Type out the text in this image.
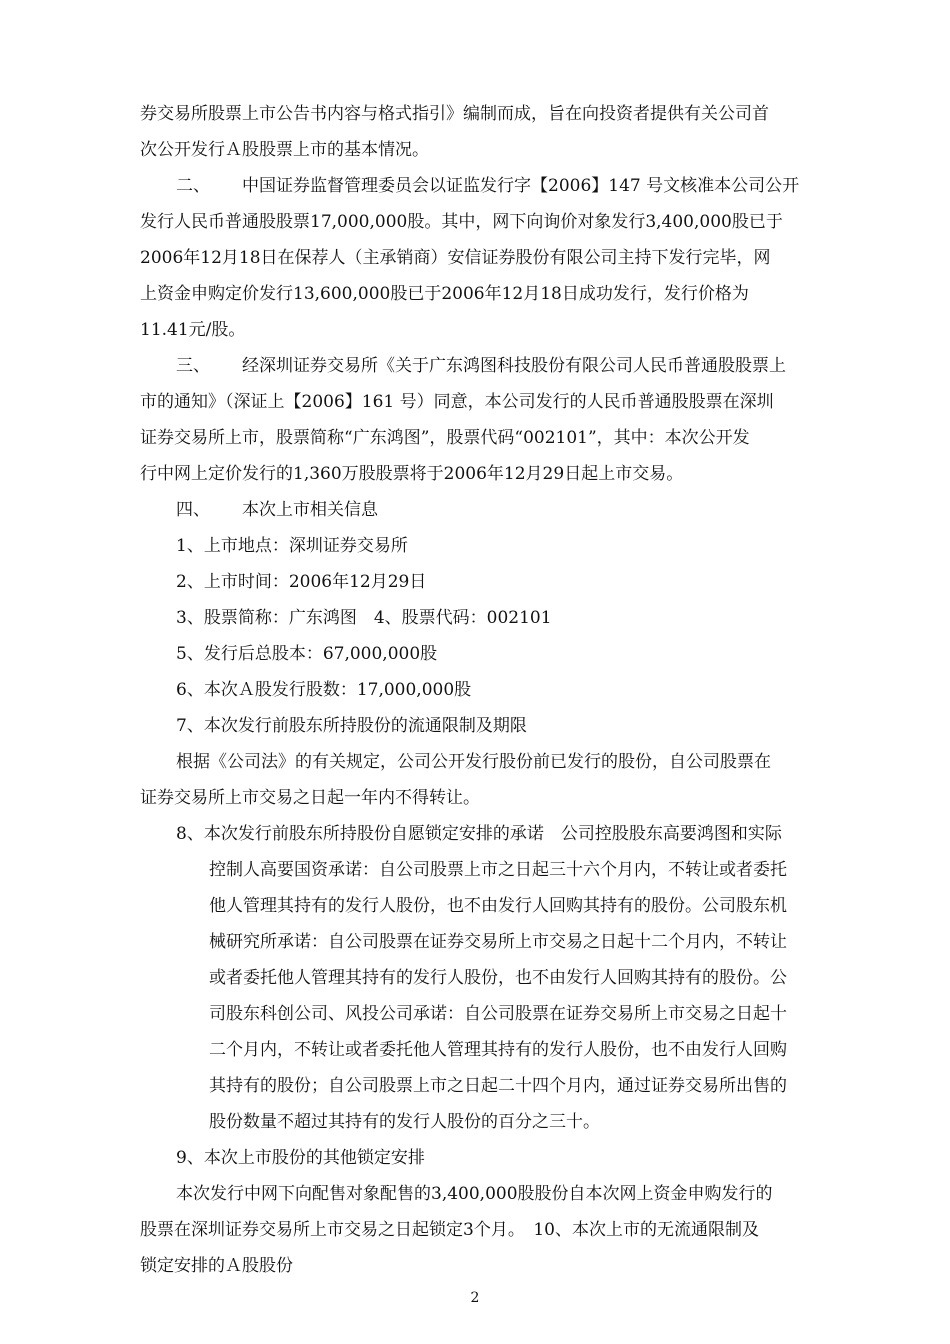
券交易所股票上市公告书内容与格式指引》编制而成，旨在向投资者提供有关公司首
次公开发行Ａ股股票上市的基本情况。
二、 中国证券监督管理委员会以证监发行字【2006】147 号文核准本公司公开
发行人民币普通股股票17,000,000股。其中，网下向询价对象发行3,400,000股已于
2006年12月18日在保荐人（主承销商）安信证券股份有限公司主持下发行完毕，网
上资金申购定价发行13,600,000股已于2006年12月18日成功发行，发行价格为
11.41元/股。
三、 经深圳证券交易所《关于广东鸿图科技股份有限公司人民币普通股股票上
市的通知》（深证上【2006】161 号）同意，本公司发行的人民币普通股股票在深圳
证券交易所上市，股票简称“广东鸿图”，股票代码“002101”，其中：本次公开发
行中网上定价发行的1,360万股股票将于2006年12月29日起上市交易。
四、 本次上市相关信息
1、上市地点：深圳证券交易所
2、上市时间：2006年12月29日
3、股票简称：广东鸿图　4、股票代码：002101
5、发行后总股本：67,000,000股
6、本次Ａ股发行股数：17,000,000股
7、本次发行前股东所持股份的流通限制及期限
根据《公司法》的有关规定，公司公开发行股份前已发行的股份，自公司股票在
证券交易所上市交易之日起一年内不得转让。
8、本次发行前股东所持股份自愿锁定安排的承诺　公司控股股东高要鸿图和实际
控制人高要国资承诺：自公司股票上市之日起三十六个月内，不转让或者委托
他人管理其持有的发行人股份，也不由发行人回购其持有的股份。公司股东机
械研究所承诺：自公司股票在证券交易所上市交易之日起十二个月内，不转让
或者委托他人管理其持有的发行人股份，也不由发行人回购其持有的股份。公
司股东科创公司、风投公司承诺：自公司股票在证券交易所上市交易之日起十
二个月内，不转让或者委托他人管理其持有的发行人股份，也不由发行人回购
其持有的股份；自公司股票上市之日起二十四个月内，通过证券交易所出售的
股份数量不超过其持有的发行人股份的百分之三十。
9、本次上市股份的其他锁定安排
本次发行中网下向配售对象配售的3,400,000股股份自本次网上资金申购发行的
股票在深圳证券交易所上市交易之日起锁定3个月。　10、本次上市的无流通限制及
锁定安排的Ａ股股份
2
